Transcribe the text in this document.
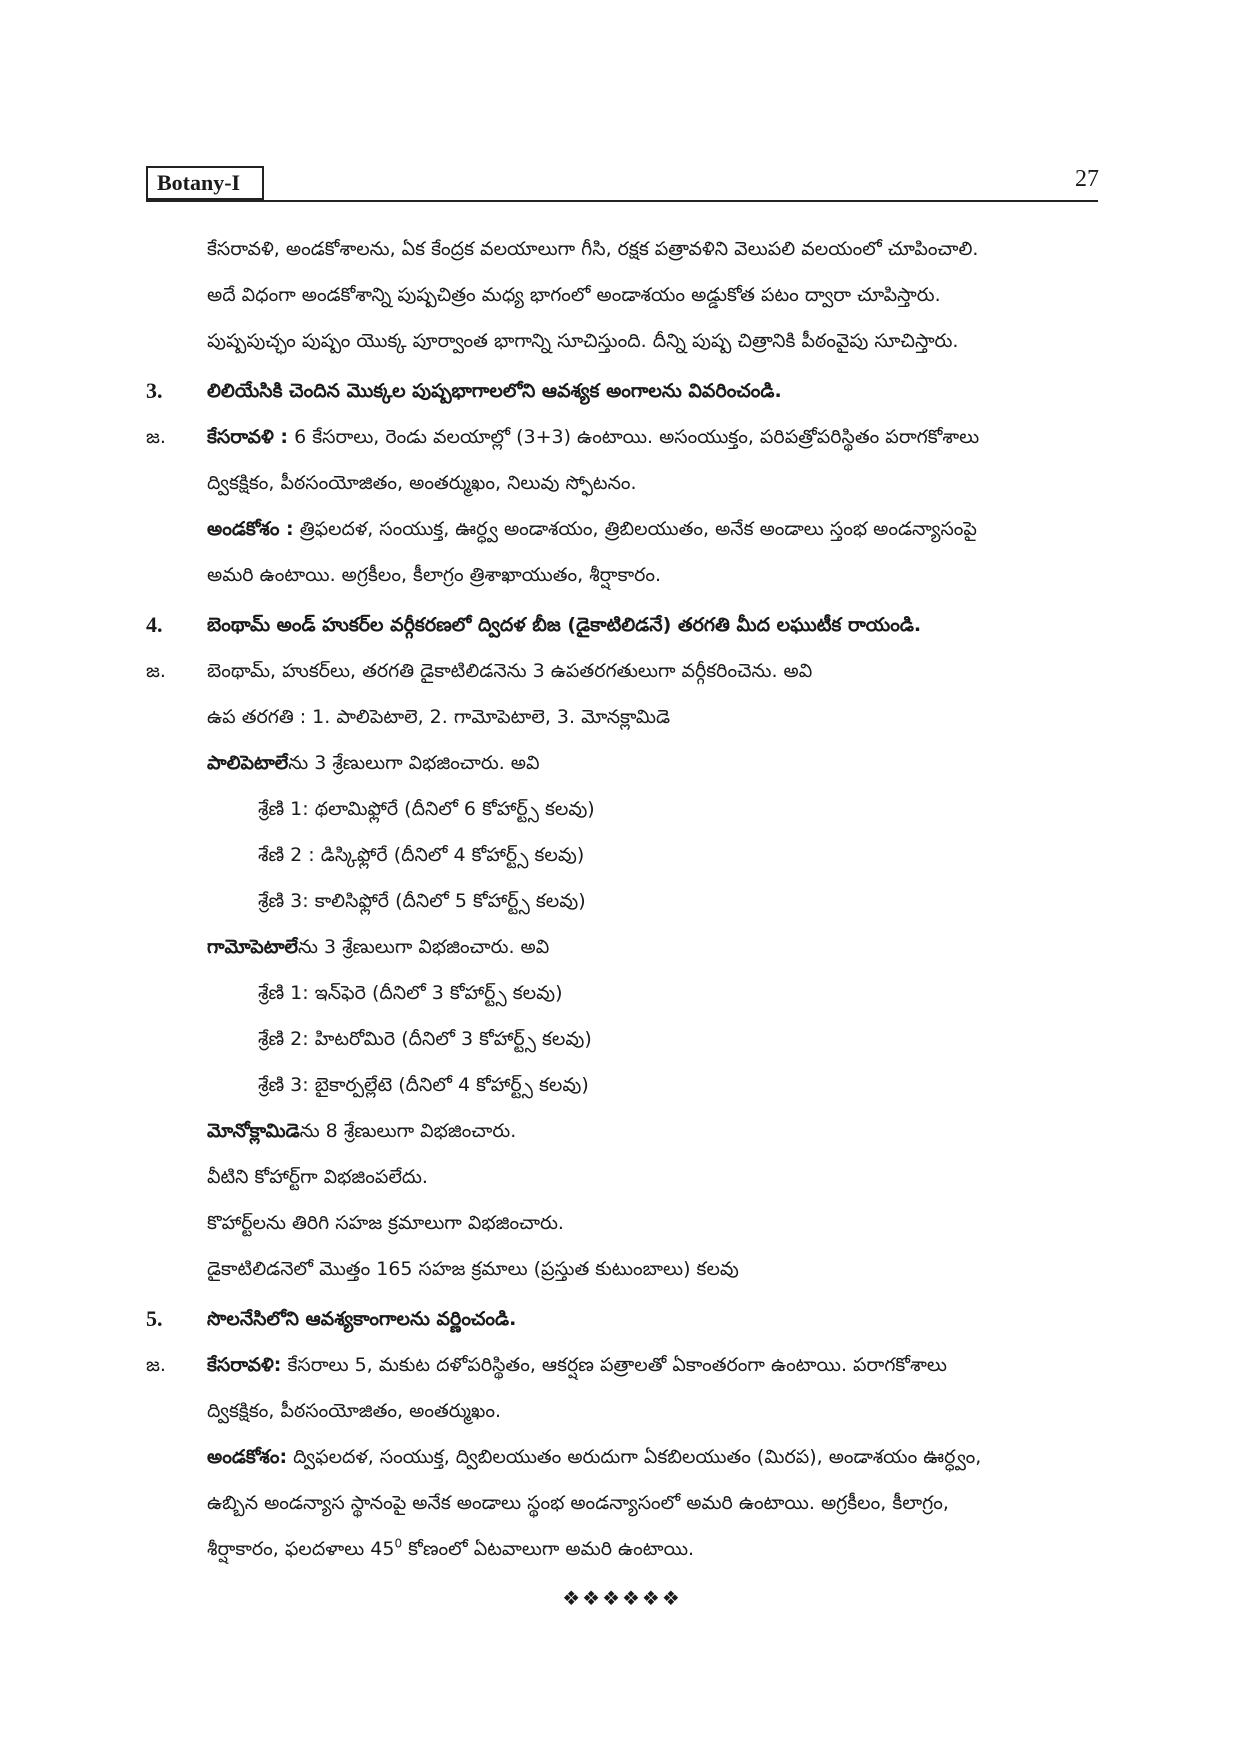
Botany-I	27
కేసరావళి, అండకోశాలను, ఏక కేంద్రక వలయాలుగా గీసి, రక్షక పత్రావళిని వెలుపలి వలయంలో చూపించాలి.
అదే విధంగా అండకోశాన్ని పుష్పచిత్రం మధ్య భాగంలో అండాశయం అడ్డుకోత పటం ద్వారా చూపిస్తారు.
పుష్పపుచ్ఛం పుష్పం యొక్క పూర్వాంత భాగాన్ని సూచిస్తుంది. దీన్ని పుష్ప చిత్రానికి పీఠంవైపు సూచిస్తారు.
3.	లిలియేసికి చెందిన మొక్కల పుష్పభాగాలలోని ఆవశ్యక అంగాలను వివరించండి.
జ.	కేసరావళి : 6 కేసరాలు, రెండు వలయాల్లో (3+3) ఉంటాయి. అసంయుక్తం, పరిపత్రోపరిస్థితం పరాగకోశాలు
ద్వికక్షికం, పీఠసంయోజితం, అంతర్ముఖం, నిలువు స్ఫోటనం.
అండకోశం : త్రిఫలదళ, సంయుక్త, ఊర్ధ్వ అండాశయం, త్రిబిలయుతం, అనేక అండాలు స్తంభ అండన్యాసంపై
అమరి ఉంటాయి. అగ్రకీలం, కీలాగ్రం త్రిశాఖాయుతం, శీర్షాకారం.
4.	బెంథామ్ అండ్ హుకర్‌ల వర్గీకరణలో ద్విదళ బీజ (డైకాటిలిడనే) తరగతి మీద లఘుటీక రాయండి.
జ.	బెంథామ్, హుకర్‌లు, తరగతి డైకాటిలిడనెను 3 ఉపతరగతులుగా వర్గీకరించెను. అవి
ఉప తరగతి : 1. పాలిపెటాలె, 2. గామోపెటాలె, 3. మోనక్లామిడె
పాలిపెటాలేను 3 శ్రేణులుగా విభజించారు. అవి
శ్రేణి 1: థలామిఫ్లోరే (దీనిలో 6 కోహార్ట్స్ కలవు)
శేణి 2 : డిస్కిఫ్లోరే (దీనిలో 4 కోహార్ట్స్ కలవు)
శ్రేణి 3: కాలిసిఫ్లోరే (దీనిలో 5 కోహార్ట్స్ కలవు)
గామోపెటాలేను 3 శ్రేణులుగా విభజించారు. అవి
శ్రేణి 1: ఇన్‌ఫెరె (దీనిలో 3 కోహార్ట్స్ కలవు)
శ్రేణి 2: హిటరోమిరె (దీనిలో 3 కోహార్ట్స్ కలవు)
శ్రేణి 3: బైకార్పల్లేటె (దీనిలో 4 కోహార్ట్స్ కలవు)
మోనోక్లామిడెను 8 శ్రేణులుగా విభజించారు.
వీటిని కోహార్ట్‌గా విభజింపలేదు.
కొహార్ట్‌లను తిరిగి సహజ క్రమాలుగా విభజించారు.
డైకాటిలిడనెలో మొత్తం 165 సహజ క్రమాలు (ప్రస్తుత కుటుంబాలు) కలవు
5.	సొలనేసిలోని ఆవశ్యకాంగాలను వర్ణించండి.
జ.	కేసరావళి: కేసరాలు 5, మకుట దళోపరిస్థితం, ఆకర్షణ పత్రాలతో ఏకాంతరంగా ఉంటాయి. పరాగకోశాలు
ద్వికక్షికం, పీఠసంయోజితం, అంతర్ముఖం.
అండకోశం: ద్విఫలదళ, సంయుక్త, ద్విబిలయుతం అరుదుగా ఏకబిలయుతం (మిరప), అండాశయం ఊర్ధ్వం,
ఉబ్బిన అండన్యాస స్థానంపై అనేక అండాలు స్థంభ అండన్యాసంలో అమరి ఉంటాయి. అగ్రకీలం, కీలాగ్రం,
శీర్షాకారం, ఫలదళాలు $45^0$ కోణంలో ఏటవాలుగా అమరి ఉంటాయి.
❖❖❖❖❖❖
